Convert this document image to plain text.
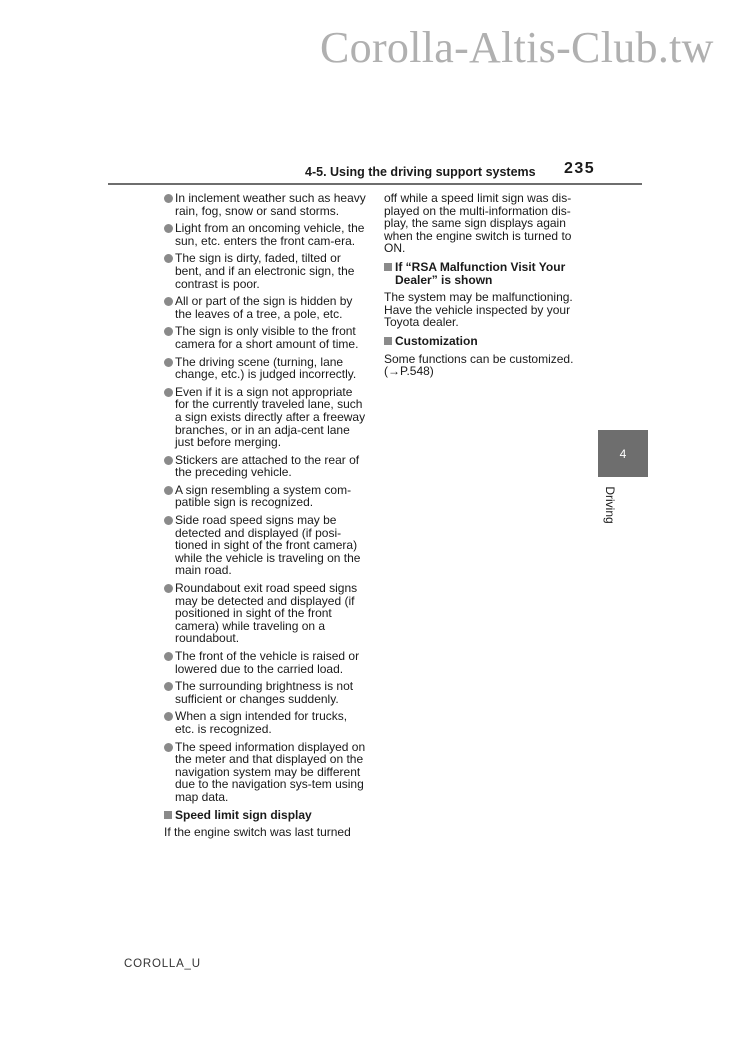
Corolla-Altis-Club.tw
4-5. Using the driving support systems 235
In inclement weather such as heavy rain, fog, snow or sand storms.
Light from an oncoming vehicle, the sun, etc. enters the front cam-era.
The sign is dirty, faded, tilted or bent, and if an electronic sign, the contrast is poor.
All or part of the sign is hidden by the leaves of a tree, a pole, etc.
The sign is only visible to the front camera for a short amount of time.
The driving scene (turning, lane change, etc.) is judged incorrectly.
Even if it is a sign not appropriate for the currently traveled lane, such a sign exists directly after a freeway branches, or in an adja-cent lane just before merging.
Stickers are attached to the rear of the preceding vehicle.
A sign resembling a system com-patible sign is recognized.
Side road speed signs may be detected and displayed (if posi-tioned in sight of the front camera) while the vehicle is traveling on the main road.
Roundabout exit road speed signs may be detected and displayed (if positioned in sight of the front camera) while traveling on a roundabout.
The front of the vehicle is raised or lowered due to the carried load.
The surrounding brightness is not sufficient or changes suddenly.
When a sign intended for trucks, etc. is recognized.
The speed information displayed on the meter and that displayed on the navigation system may be different due to the navigation sys-tem using map data.
Speed limit sign display
If the engine switch was last turned
off while a speed limit sign was dis-played on the multi-information dis-play, the same sign displays again when the engine switch is turned to ON.
If “RSA Malfunction Visit Your Dealer” is shown
The system may be malfunctioning. Have the vehicle inspected by your Toyota dealer.
Customization
Some functions can be customized. (→P.548)
4
Driving
COROLLA_U
